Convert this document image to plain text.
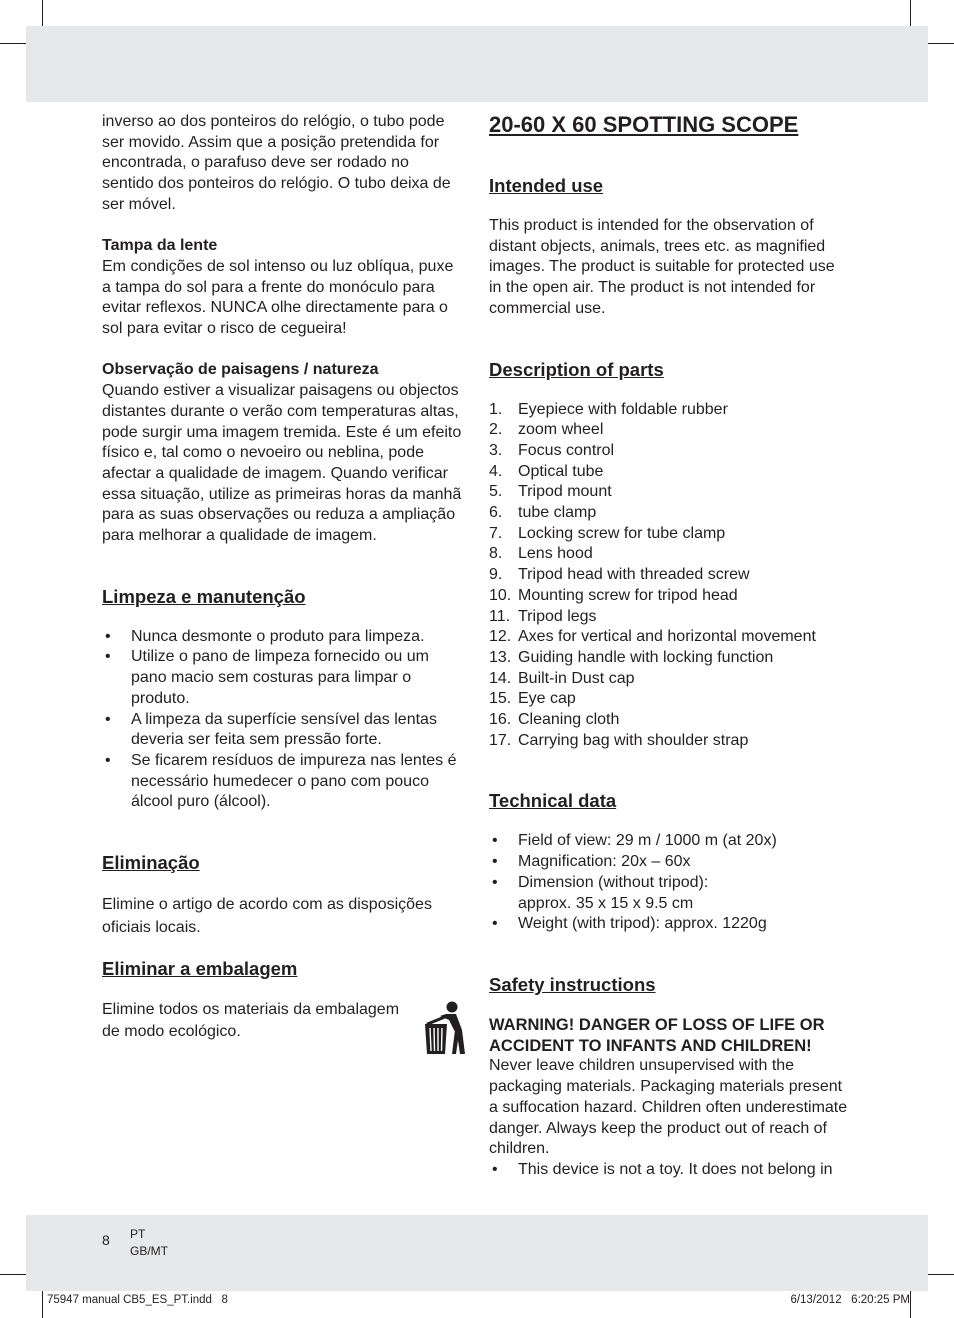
inverso ao dos ponteiros do relógio, o tubo pode ser movido. Assim que a posição pretendida for encontrada, o parafuso deve ser rodado no sentido dos ponteiros do relógio. O tubo deixa de ser móvel.

Tampa da lente

Em condições de sol intenso ou luz oblíqua, puxe a tampa do sol para a frente do monóculo para evitar reflexos. NUNCA olhe directamente para o sol para evitar o risco de cegueira!

Observação de paisagens / natureza

Quando estiver a visualizar paisagens ou objectos distantes durante o verão com temperaturas altas, pode surgir uma imagem tremida. Este é um efeito físico e, tal como o nevoeiro ou neblina, pode afectar a qualidade de imagem. Quando verificar essa situação, utilize as primeiras horas da manhã para as suas observações ou reduza a ampliação para melhorar a qualidade de imagem.

Limpeza e manutenção
• Nunca desmonte o produto para limpeza.
• Utilize o pano de limpeza fornecido ou um pano macio sem costuras para limpar o produto.
• A limpeza da superfície sensível das lentas deveria ser feita sem pressão forte.
• Se ficarem resíduos de impureza nas lentes é necessário humedecer o pano com pouco álcool puro (álcool).
Eliminação

Elimine o artigo de acordo com as disposições oficiais locais.

Eliminar a embalagem

Elimine todos os materiais da embalagem de modo ecológico.

20-60 X 60 SPOTTING SCOPE
Intended use

This product is intended for the observation of distant objects, animals, trees etc. as magnified images. The product is suitable for protected use in the open air. The product is not intended for commercial use.

Description of parts
1. Eyepiece with foldable rubber
2. zoom wheel
3. Focus control
4. Optical tube
5. Tripod mount
6. tube clamp
7. Locking screw for tube clamp
8. Lens hood
9. Tripod head with threaded screw
10. Mounting screw for tripod head
11. Tripod legs
12. Axes for vertical and horizontal movement
13. Guiding handle with locking function
14. Built-in Dust cap
15. Eye cap
16. Cleaning cloth
17. Carrying bag with shoulder strap
Technical data
• Field of view: 29 m / 1000 m (at 20x)
• Magnification: 20x – 60x
• Dimension (without tripod):
approx. 35 x 15 x 9.5 cm
• Weight (with tripod): approx. 1220g
Safety instructions

WARNING! DANGER OF LOSS OF LIFE OR ACCIDENT TO INFANTS AND CHILDREN!

Never leave children unsupervised with the packaging materials. Packaging materials present a suffocation hazard. Children often underestimate danger. Always keep the product out of reach of children.

• This device is not a toy. It does not belong in
8 PT
GB/MT
75947 manual CB5_ES_PT.indd   8	6/13/2012   6:20:25 PM
